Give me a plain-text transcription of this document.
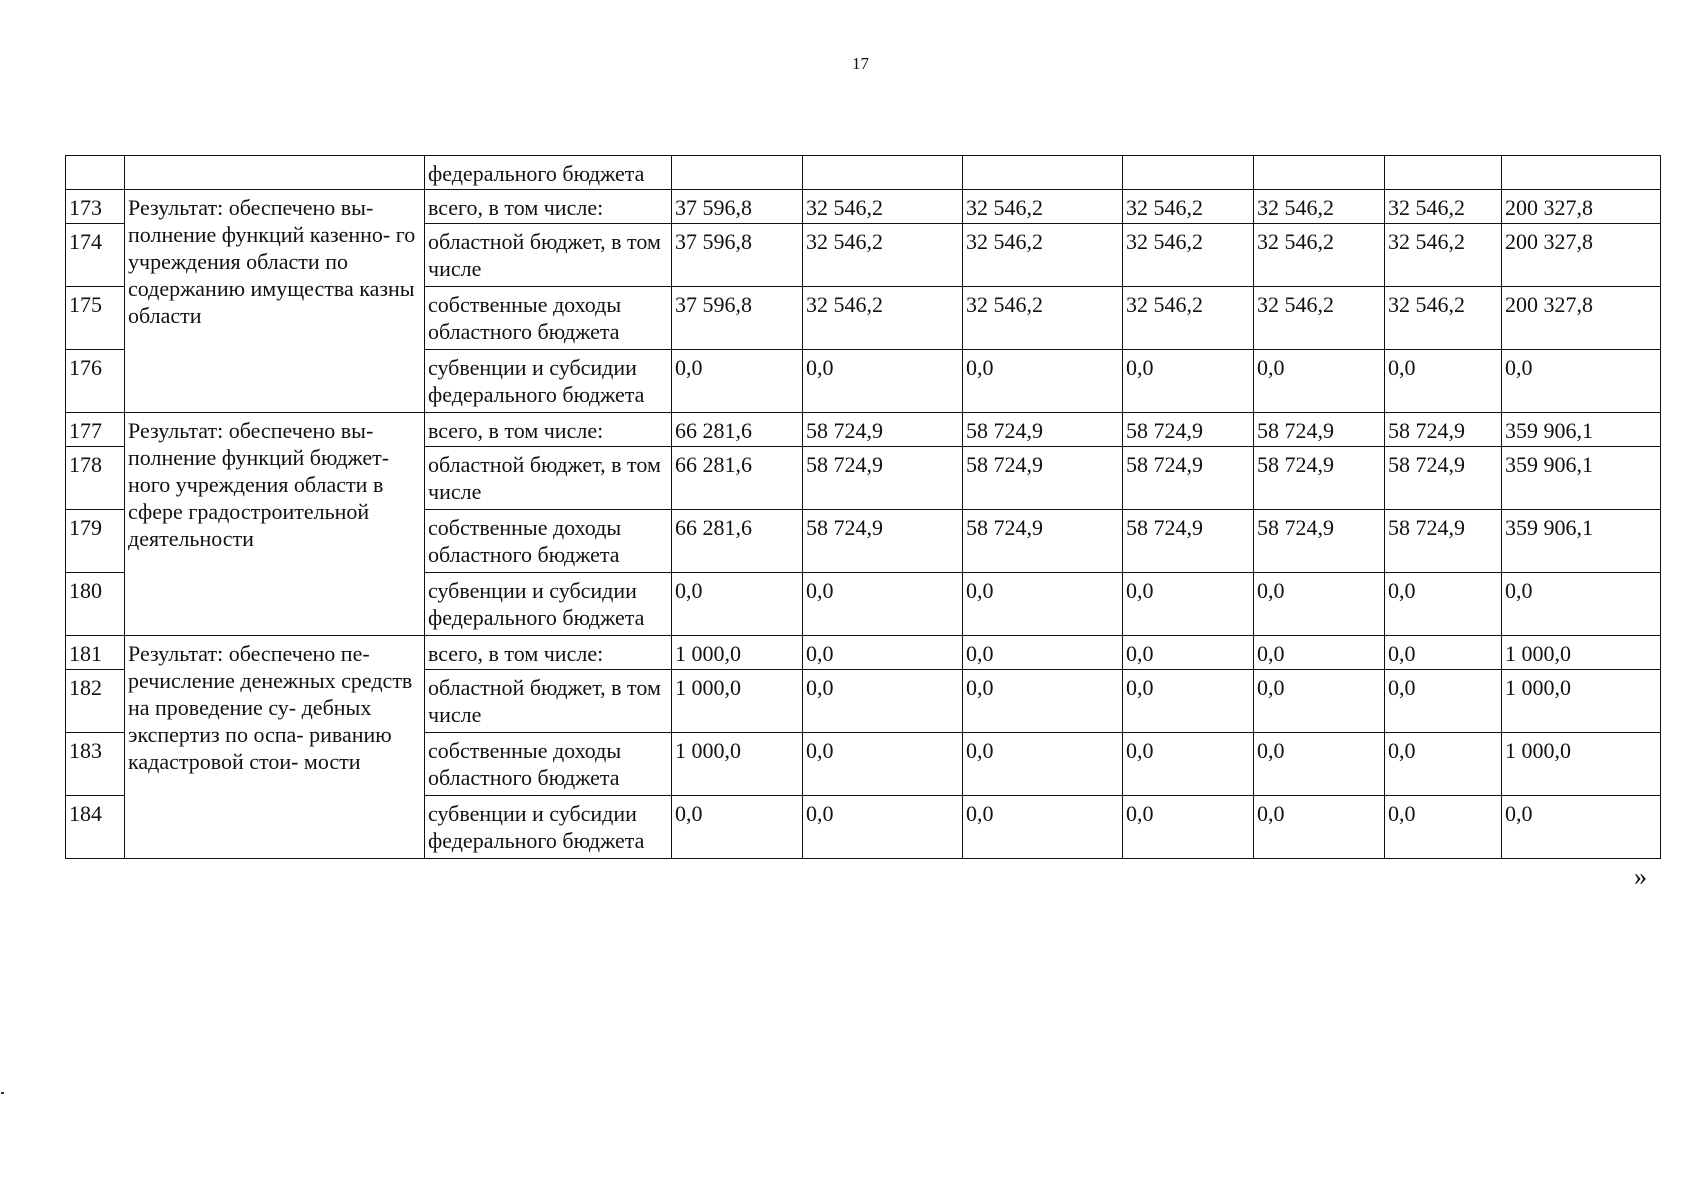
17
		федерального бюджета							
173	Результат: обеспечено вы- полнение функций казенно- го учреждения области по содержанию имущества казны области	всего, в том числе:	37 596,8	32 546,2	32 546,2	32 546,2	32 546,2	32 546,2	200 327,8
174		областной бюджет, в том числе	37 596,8	32 546,2	32 546,2	32 546,2	32 546,2	32 546,2	200 327,8
175		собственные доходы областного бюджета	37 596,8	32 546,2	32 546,2	32 546,2	32 546,2	32 546,2	200 327,8
176		субвенции и субсидии федерального бюджета	0,0	0,0	0,0	0,0	0,0	0,0	0,0
177	Результат: обеспечено вы- полнение функций бюджет- ного учреждения области в сфере градостроительной деятельности	всего, в том числе:	66 281,6	58 724,9	58 724,9	58 724,9	58 724,9	58 724,9	359 906,1
178		областной бюджет, в том числе	66 281,6	58 724,9	58 724,9	58 724,9	58 724,9	58 724,9	359 906,1
179		собственные доходы областного бюджета	66 281,6	58 724,9	58 724,9	58 724,9	58 724,9	58 724,9	359 906,1
180		субвенции и субсидии федерального бюджета	0,0	0,0	0,0	0,0	0,0	0,0	0,0
181	Результат: обеспечено пе- речисление денежных средств на проведение су- дебных экспертиз по оспа- риванию кадастровой стои- мости	всего, в том числе:	1 000,0	0,0	0,0	0,0	0,0	0,0	1 000,0
182		областной бюджет, в том числе	1 000,0	0,0	0,0	0,0	0,0	0,0	1 000,0
183		собственные доходы областного бюджета	1 000,0	0,0	0,0	0,0	0,0	0,0	1 000,0
184		субвенции и субсидии федерального бюджета	0,0	0,0	0,0	0,0	0,0	0,0	0,0
»
